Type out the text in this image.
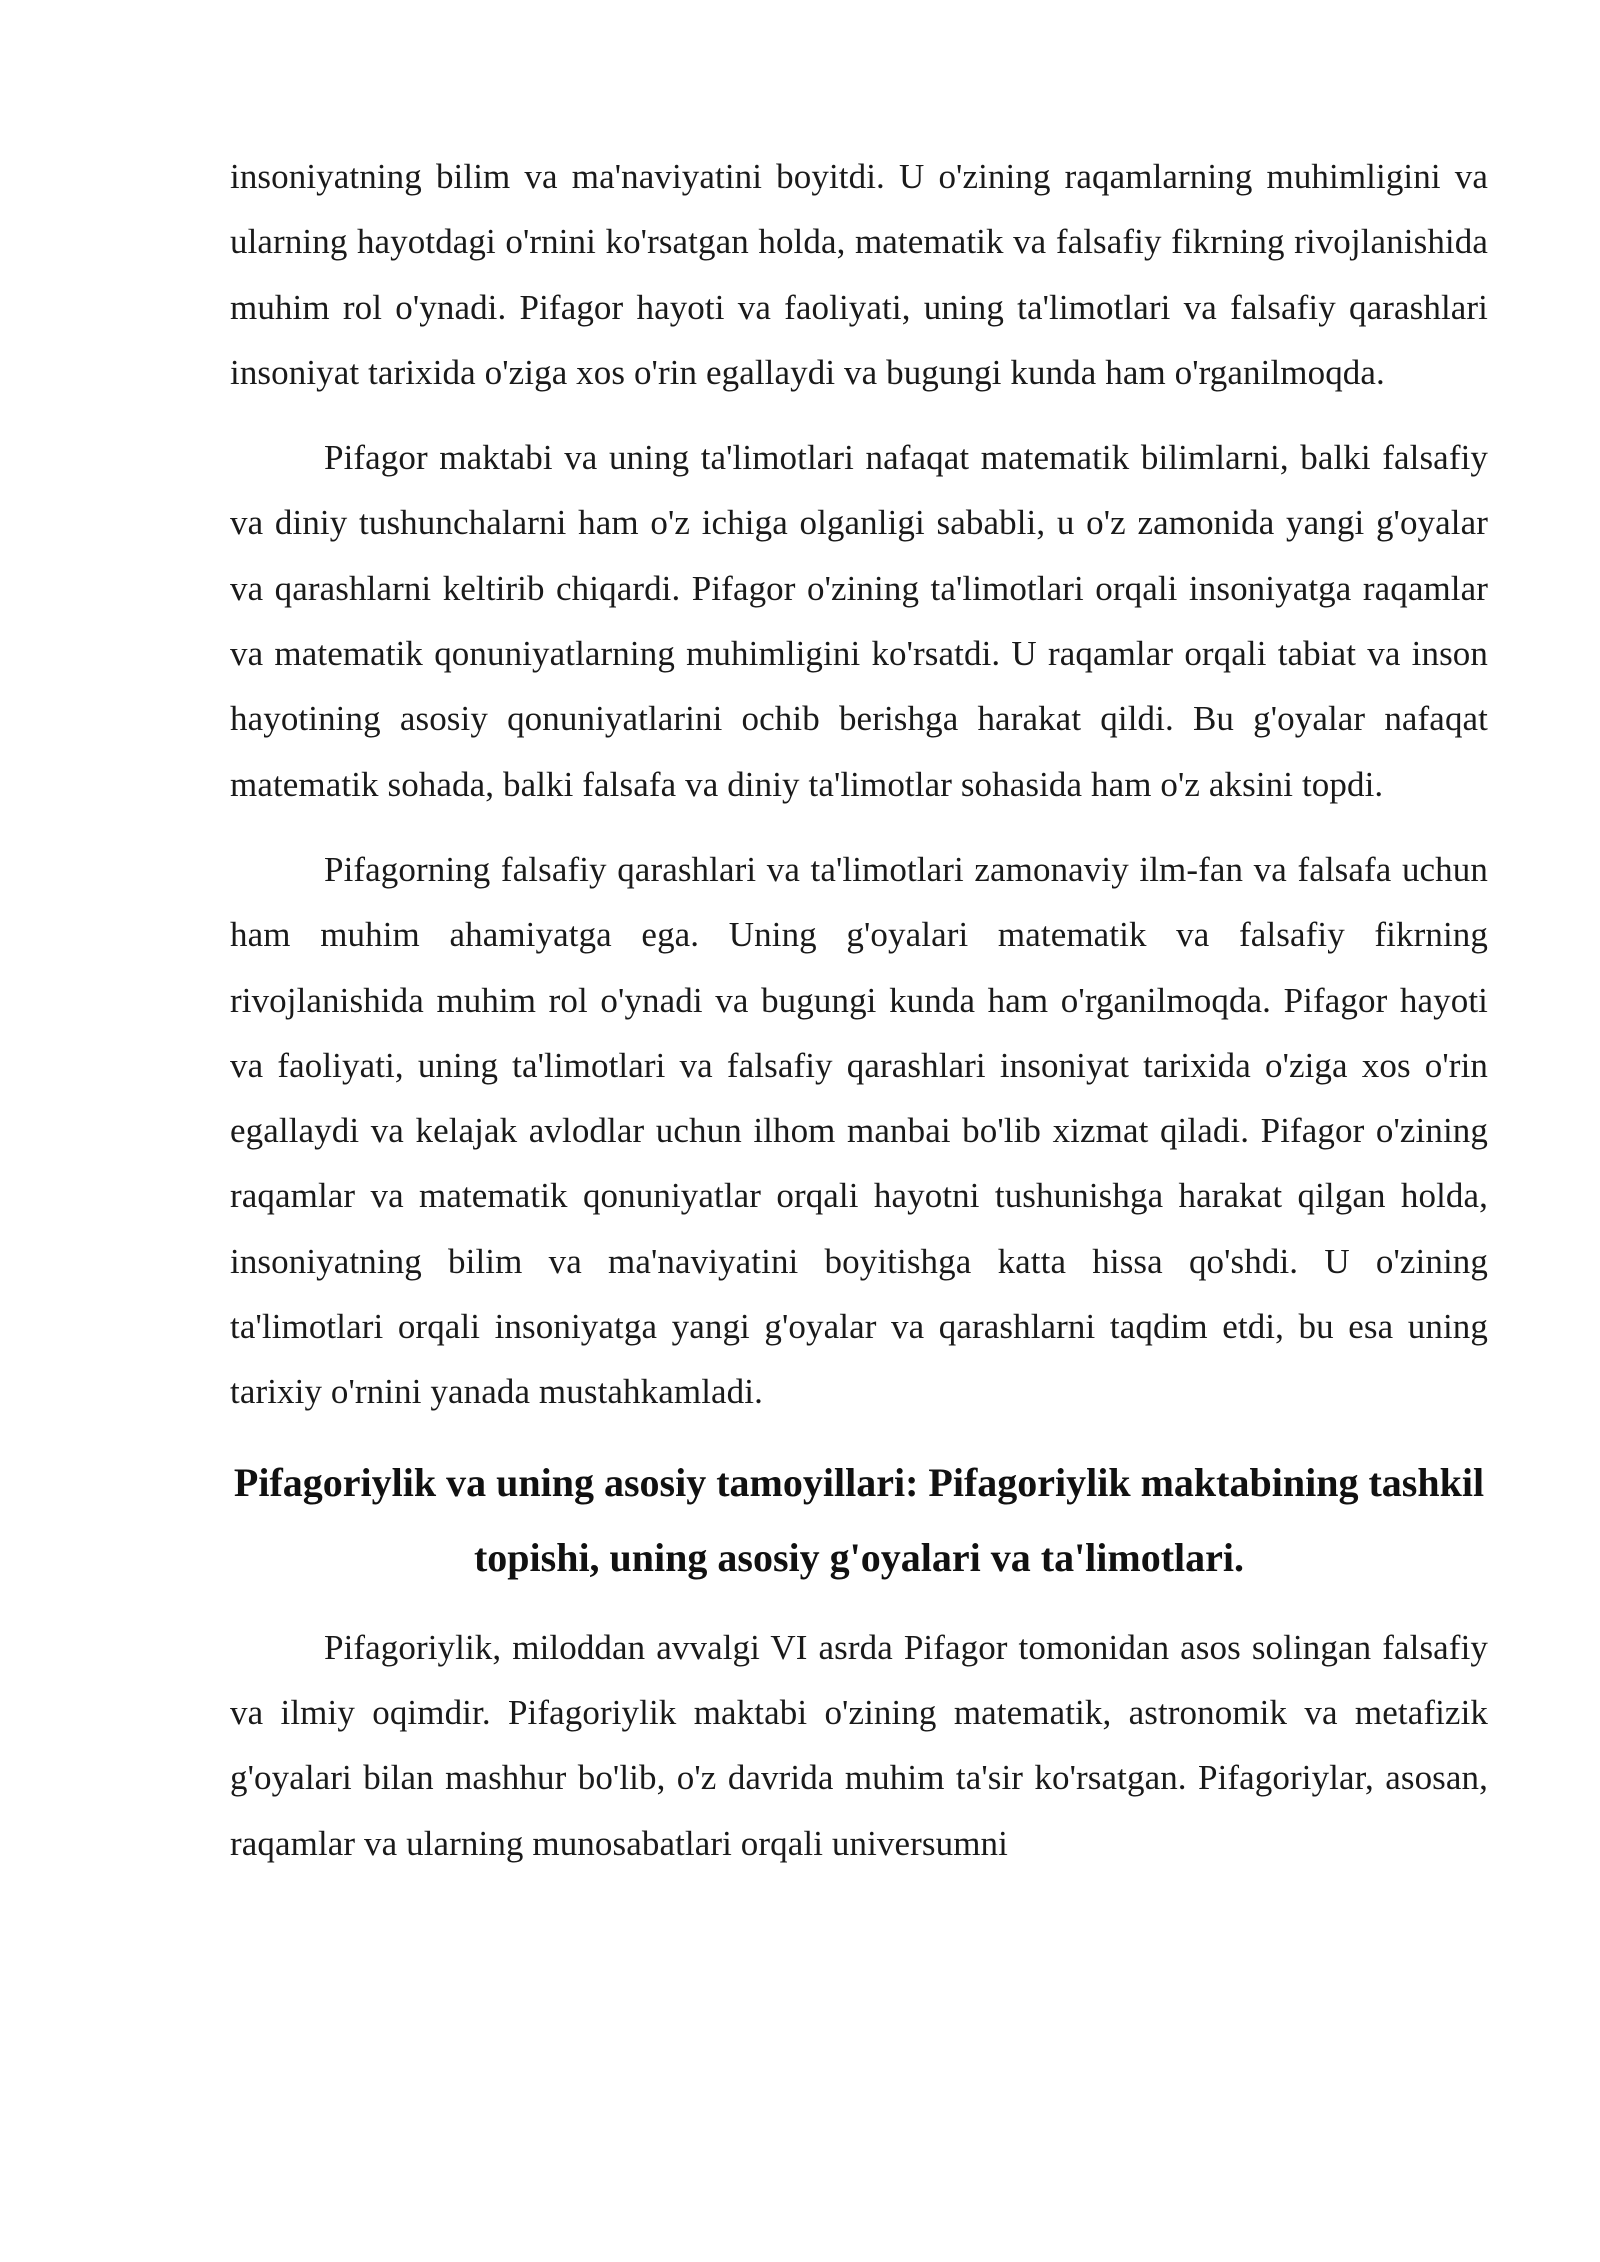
insoniyatning bilim va ma'naviyatini boyitdi. U o'zining raqamlarning muhimligini va ularning hayotdagi o'rnini ko'rsatgan holda, matematik va falsafiy fikrning rivojlanishida muhim rol o'ynadi. Pifagor hayoti va faoliyati, uning ta'limotlari va falsafiy qarashlari insoniyat tarixida o'ziga xos o'rin egallaydi va bugungi kunda ham o'rganilmoqda.

Pifagor maktabi va uning ta'limotlari nafaqat matematik bilimlarni, balki falsafiy va diniy tushunchalarni ham o'z ichiga olganligi sababli, u o'z zamonida yangi g'oyalar va qarashlarni keltirib chiqardi. Pifagor o'zining ta'limotlari orqali insoniyatga raqamlar va matematik qonuniyatlarning muhimligini ko'rsatdi. U raqamlar orqali tabiat va inson hayotining asosiy qonuniyatlarini ochib berishga harakat qildi. Bu g'oyalar nafaqat matematik sohada, balki falsafa va diniy ta'limotlar sohasida ham o'z aksini topdi.

Pifagorning falsafiy qarashlari va ta'limotlari zamonaviy ilm-fan va falsafa uchun ham muhim ahamiyatga ega. Uning g'oyalari matematik va falsafiy fikrning rivojlanishida muhim rol o'ynadi va bugungi kunda ham o'rganilmoqda. Pifagor hayoti va faoliyati, uning ta'limotlari va falsafiy qarashlari insoniyat tarixida o'ziga xos o'rin egallaydi va kelajak avlodlar uchun ilhom manbai bo'lib xizmat qiladi. Pifagor o'zining raqamlar va matematik qonuniyatlar orqali hayotni tushunishga harakat qilgan holda, insoniyatning bilim va ma'naviyatini boyitishga katta hissa qo'shdi. U o'zining ta'limotlari orqali insoniyatga yangi g'oyalar va qarashlarni taqdim etdi, bu esa uning tarixiy o'rnini yanada mustahkamladi.

Pifagoriylik va uning asosiy tamoyillari: Pifagoriylik maktabining tashkil topishi, uning asosiy g'oyalari va ta'limotlari.

Pifagoriylik, miloddan avvalgi VI asrda Pifagor tomonidan asos solingan falsafiy va ilmiy oqimdir. Pifagoriylik maktabi o'zining matematik, astronomik va metafizik g'oyalari bilan mashhur bo'lib, o'z davrida muhim ta'sir ko'rsatgan. Pifagoriylar, asosan, raqamlar va ularning munosabatlari orqali universumni
